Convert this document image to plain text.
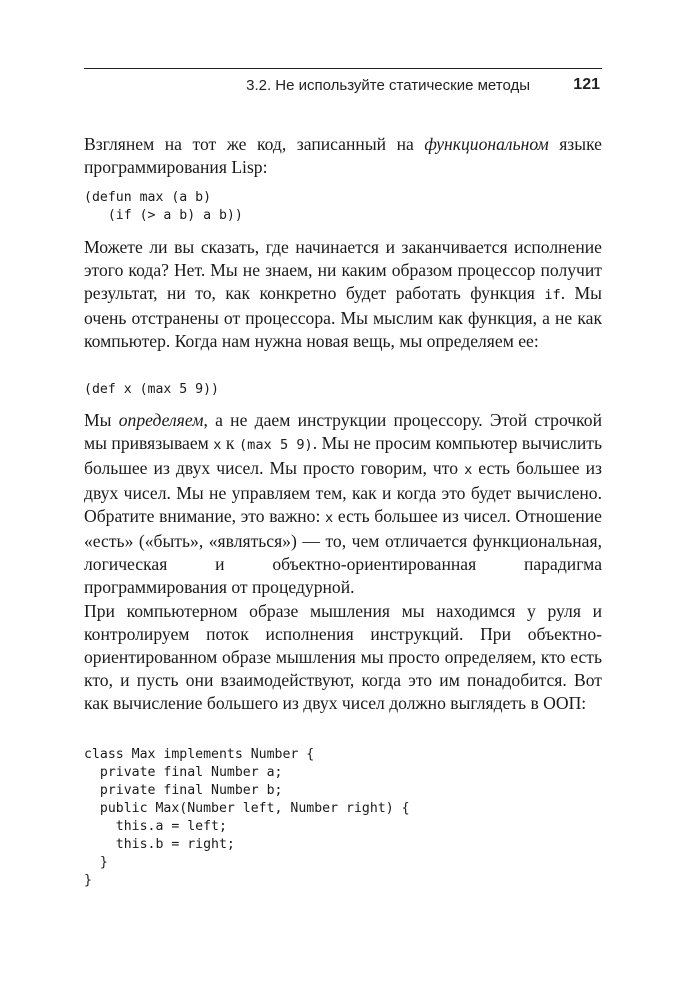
3.2. Не используйте статические методы	121

Взглянем на тот же код, записанный на функциональном языке программирования Lisp:

(defun max (a b)
(if (> a b) a b))

Можете ли вы сказать, где начинается и заканчивается исполнение этого кода? Нет. Мы не знаем, ни каким образом процессор получит результат, ни то, как конкретно будет работать функция if. Мы очень отстранены от процессора. Мы мыслим как функция, а не как компьютер. Когда нам нужна новая вещь, мы определяем ее:

(def x (max 5 9))

Мы определяем, а не даем инструкции процессору. Этой строчкой мы привязываем x к (max 5 9). Мы не просим компьютер вычислить большее из двух чисел. Мы просто говорим, что x есть большее из двух чисел. Мы не управляем тем, как и когда это будет вычислено. Обратите внимание, это важно: x есть большее из чисел. Отношение «есть» («быть», «являться») — то, чем отличается функциональная, логическая и объектно-ориентированная парадигма программирования от процедурной.

При компьютерном образе мышления мы находимся у руля и контролируем поток исполнения инструкций. При объектно-ориентированном образе мышления мы просто определяем, кто есть кто, и пусть они взаимодействуют, когда это им понадобится. Вот как вычисление большего из двух чисел должно выглядеть в ООП:

class Max implements Number {
private final Number a;
private final Number b;
public Max(Number left, Number right) {
this.a = left;
this.b = right;
}
}
